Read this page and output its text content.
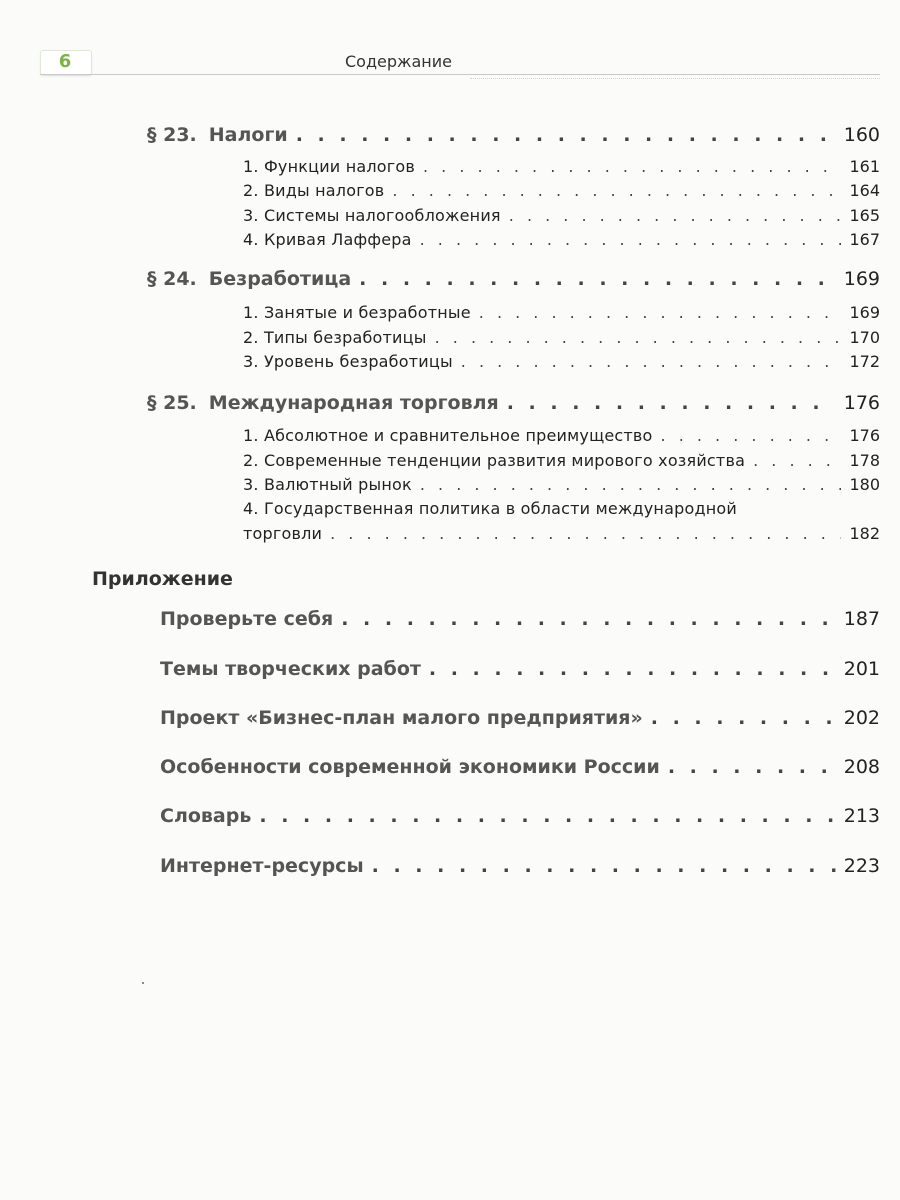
6	Содержание
§ 23. Налоги . . .	160
1. Функции налогов . . .	161
2. Виды налогов . . .	164
3. Системы налогообложения . . .	165
4. Кривая Лаффера . . .	167
§ 24. Безработица . . .	169
1. Занятые и безработные . . .	169
2. Типы безработицы . . .	170
3. Уровень безработицы . . .	172
§ 25. Международная торговля . . .	176
1. Абсолютное и сравнительное преимущество . . .	176
2. Современные тенденции развития мирового хозяйства . . .	178
3. Валютный рынок . . .	180
4. Государственная политика в области международной
торговли . . .	182
Приложение
Проверьте себя . . .	187
Темы творческих работ . . .	201
Проект «Бизнес-план малого предприятия» . . .	202
Особенности современной экономики России . . .	208
Словарь . . .	213
Интернет-ресурсы . . .	223
